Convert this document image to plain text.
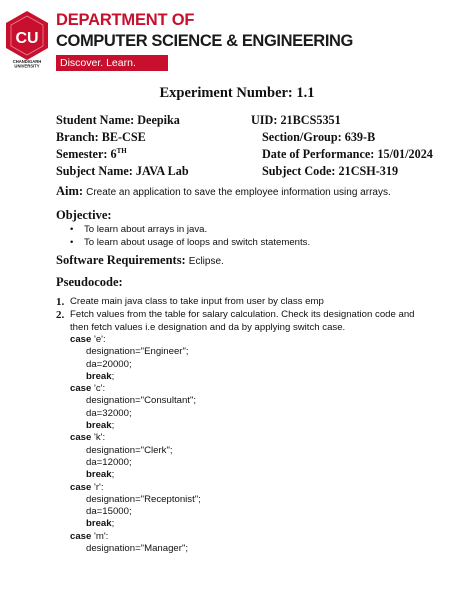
CU
CHANDIGARH
UNIVERSITY
DEPARTMENT OF
COMPUTER SCIENCE & ENGINEERING
Discover. Learn. Empower.
Experiment Number: 1.1
Student Name: Deepika	UID: 21BCS5351
Branch: BE-CSE	Section/Group: 639-B
Semester: 6TH	Date of Performance: 15/01/2024
Subject Name: JAVA Lab	Subject Code: 21CSH-319
Aim: Create an application to save the employee information using arrays.
Objective:
• To learn about arrays in java.
• To learn about usage of loops and switch statements.
Software Requirements: Eclipse.
Pseudocode:
1. Create main java class to take input from user by class emp
2. Fetch values from the table for salary calculation. Check its designation code and then fetch values i.e designation and da by applying switch case.
case 'e':
designation="Engineer";
da=20000;
break;
case 'c':
designation="Consultant";
da=32000;
break;
case 'k':
designation="Clerk";
da=12000;
break;
case 'r':
designation="Receptonist";
da=15000;
break;
case 'm':
designation="Manager";
